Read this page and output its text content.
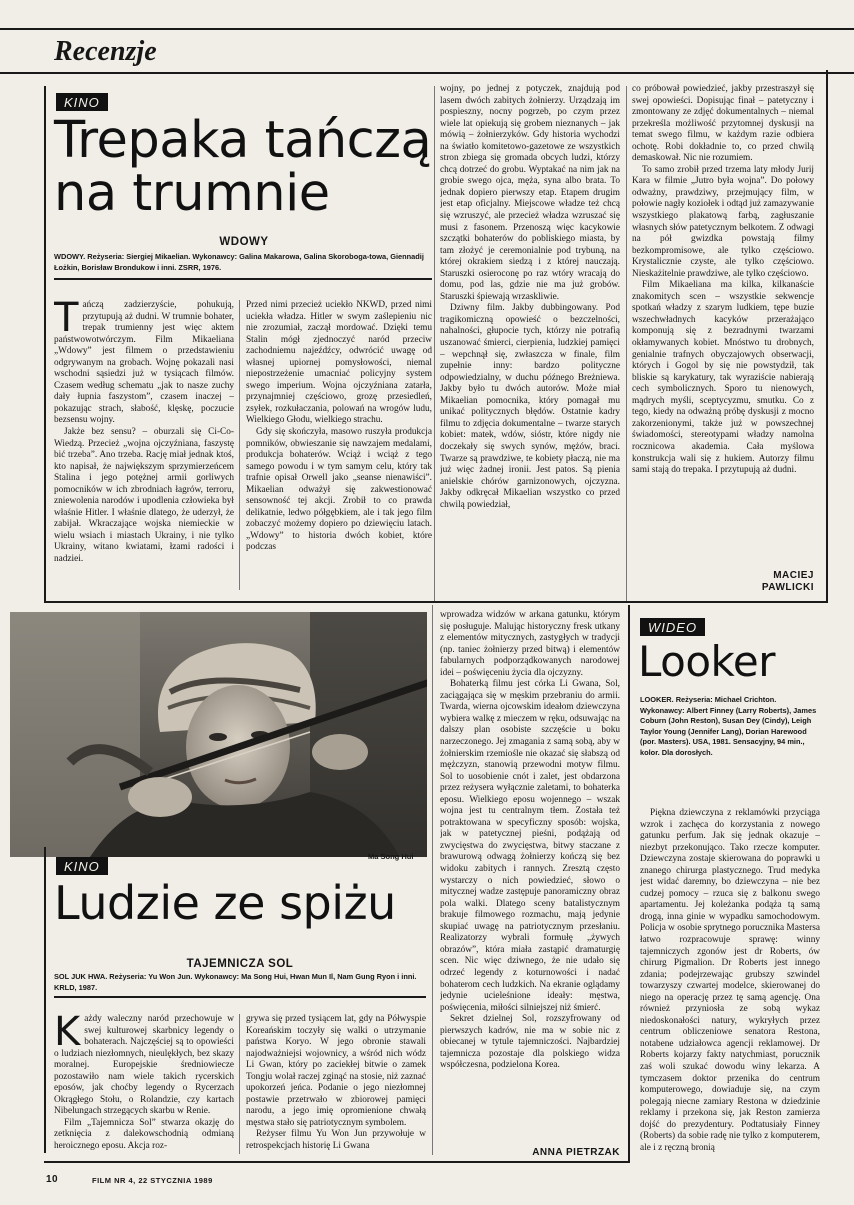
Recenzje
KINO
Trepaka tańczą
na trumnie
WDOWY
WDOWY. Reżyseria: Siergiej Mikaelian. Wykonawcy: Galina Makarowa, Galina Skoroboga-towa, Giennadij Łożkin, Borisław Brondukow i inni. ZSRR, 1976.

Tańczą zadzierzyście, pohukują, przytupują aż dudni. W trumnie bohater, trepak trumienny jest więc aktem państwowotwórczym. Film Mikaeliana „Wdowy” jest filmem o przedstawieniu odgrywanym na grobach. Wojnę pokazali nasi wschodni sąsiedzi już w tysiącach filmów. Czasem według schematu „jak to nasze zuchy dały łupnia faszystom”, czasem inaczej – pokazując strach, słabość, klęskę, poczucie bezsensu wojny.

Jakże bez sensu? – oburzali się Ci-Co-Wiedzą. Przecież „wojna ojczyźniana, faszystę bić trzeba”. Ano trzeba. Rację miał jednak ktoś, kto napisał, że największym sprzymierzeńcem Stalina i jego potężnej armii gorliwych pomocników w ich zbrodniach łagrów, terroru, zniewolenia narodów i upodlenia człowieka był właśnie Hitler. I właśnie dlatego, że uderzył, że zabijał. Wkraczające wojska niemieckie w wielu wsiach i miastach Ukrainy, i nie tylko Ukrainy, witano kwiatami, łzami radości i nadziei.

Przed nimi przecież uciekło NKWD, przed nimi uciekła władza. Hitler w swym zaślepieniu nic nie zrozumiał, zaczął mordować. Dzięki temu Stalin mógł zjednoczyć naród przeciw zachodniemu najeźdźcy, odwrócić uwagę od własnej upiornej pomysłowości, niemal niepostrzeżenie umacniać policyjny system swego imperium. Wojna ojczyźniana zatarła, przynajmniej częściowo, grozę przesiedleń, zsyłek, rozkułaczania, polowań na wrogów ludu, Wielkiego Głodu, wielkiego strachu.

Gdy się skończyła, masowo ruszyła produkcja pomników, obwieszanie się nawzajem medalami, produkcja bohaterów. Wciąż i wciąż z tego samego powodu i w tym samym celu, który tak trafnie opisał Orwell jako „seanse nienawiści”. Mikaelian odważył się zakwestionować sensowność tej akcji. Zrobił to co prawda delikatnie, ledwo półgębkiem, ale i tak jego film zobaczyć możemy dopiero po dziewięciu latach. „Wdowy” to historia dwóch kobiet, które podczas

wojny, po jednej z potyczek, znajdują pod lasem dwóch zabitych żołnierzy. Urządzają im pospieszny, nocny pogrzeb, po czym przez wiele lat opiekują się grobem nieznanych – jak mówią – żołnierzyków. Gdy historia wychodzi na światło komitetowo-gazetowe ze wszystkich stron zbiega się gromada obcych ludzi, którzy chcą dotrzeć do grobu. Wyptakać na nim jak na grobie swego ojca, męża, syna albo brata. To jednak dopiero pierwszy etap. Etapem drugim jest etap oficjalny. Miejscowe władze też chcą się wzruszyć, ale przecież władza wzruszać się musi z fasonem. Przenoszą więc kacykowie szczątki bohaterów do pobliskiego miasta, by tam złożyć je ceremonialnie pod trybuną, na której okrakiem siedzą i z której nauczają. Staruszki osieroconę po raz wtóry wracają do domu, pod las, gdzie nie ma już grobów. Staruszki śpiewają wrzaskliwie.

Dziwny film. Jakby dubbingowany. Pod tragikomiczną opowieść o bezczelności, nahalności, głupocie tych, którzy nie potrafią uszanować śmierci, cierpienia, ludzkiej pamięci – wepchnął się, zwłaszcza w finale, film zupełnie inny: bardzo polityczne odpowiedzialny, w duchu późnego Breżniewa. Jakby było tu dwóch autorów. Może miał Mikaelian pomocnika, który pomagał mu unikać politycznych błędów. Ostatnie kadry filmu to zdjęcia dokumentalne – twarze starych kobiet: matek, wdów, sióstr, które nigdy nie doczekały się swych synów, mężów, braci. Twarze są prawdziwe, te kobiety płaczą, nie ma już więc żadnej ironii. Jest patos. Są pienia anielskie chórów garnizonowych, ojczyzna. Jakby odkręcał Mikaelian wszystko co przed chwilą powiedział,

co próbował powiedzieć, jakby przestraszył się swej opowieści. Dopisując finał – patetyczny i zmontowany ze zdjęć dokumentalnych – niemal przekreśla możliwość przytomnej dyskusji na temat swego filmu, w każdym razie odbiera ochotę. Robi dokładnie to, co przed chwilą demaskował. Nic nie rozumiem.

To samo zrobił przed trzema laty młody Jurij Kara w filmie „Jutro była wojna”. Do połowy odważny, prawdziwy, przejmujący film, w połowie nagły koziołek i odtąd już zamazywanie wszystkiego plakatową farbą, zagłuszanie własnych słów patetycznym belkotem. Z odwagi na pół gwizdka powstają filmy bezkompromisowe, ale tylko częściowo. Krystalicznie czyste, ale tylko częściowo. Nieskażitelnie prawdziwe, ale tylko częściowo.

Film Mikaeliana ma kilka, kilkanaście znakomitych scen – wszystkie sekwencje spotkań władzy z szarym ludkiem, tępe buzie wszechwładnych kacyków przerażająco komponują się z bezradnymi twarzami okłamywanych kobiet. Mnóstwo tu drobnych, genialnie trafnych obyczajowych obserwacji, których i Gogol by się nie powstydził, tak bliskie są karykatury, tak wyraziście nabierają cech symbolicznych. Sporo tu nienowych, mądrych myśli, sceptycyzmu, smutku. Co z tego, kiedy na odważną próbę dyskusji z mocno zakorzenionymi, także już w powszechnej świadomości, stereotypami władzy namolna rocznicowa akademia. Cała myślowa konstrukcja wali się z hukiem. Autorzy filmu sami stają do trepaka. I przytupują aż dudni.

MACIEJ
PAWLICKI
Ma Song Hui
KINO
Ludzie ze spiżu
TAJEMNICZA SOL
SOL JUK HWA. Reżyseria: Yu Won Jun. Wykonawcy: Ma Song Hui, Hwan Mun Il, Nam Gung Ryon i inni. KRLD, 1987.

Każdy waleczny naród przechowuje w swej kulturowej skarbnicy legendy o bohaterach. Najczęściej są to opowieści o ludziach niezłomnych, nieulękłych, bez skazy moralnej. Europejskie średniowiecze pozostawiło nam wiele takich rycerskich eposów, jak choćby legendy o Rycerzach Okrągłego Stołu, o Rolandzie, czy kartach Nibelungach strzegących skarbu w Renie.

Film „Tajemnicza Sol” stwarza okazję do zetknięcia z dalekowschodnią odmianą heroicznego eposu. Akcja roz-

grywa się przed tysiącem lat, gdy na Półwyspie Koreańskim toczyły się walki o utrzymanie państwa Koryo. W jego obronie stawali najodważniejsi wojownicy, a wśród nich wódz Li Gwan, który po zaciekłej bitwie o zamek Tongju wolał raczej zginąć na stosie, niż zaznać upokorzeń jeńca. Podanie o jego niezłomnej postawie przetrwało w zbiorowej pamięci narodu, a jego imię opromienione chwałą męstwa stało się patriotycznym symbolem.

Reżyser filmu Yu Won Jun przywołuje w retrospekcjach historię Li Gwana

wprowadza widzów w arkana gatunku, którym się posługuje. Malując historyczny fresk utkany z elementów mitycznych, zastygłych w tradycji (np. taniec żołnierzy przed bitwą) i elementów fabularnych podporządkowanych narodowej idei – poświęceniu życia dla ojczyzny.

Bohaterką filmu jest córka Li Gwana, Sol, zaciągająca się w męskim przebraniu do armii. Twarda, wierna ojcowskim ideałom dziewczyna wybiera walkę z mieczem w ręku, odsuwając na dalszy plan osobiste szczęście u boku narzeczonego. Jej zmagania z samą sobą, aby w żołnierskim rzemiośle nie okazać się słabszą od mężczyzn, stanowią przewodni motyw filmu. Sol to uosobienie cnót i zalet, jest obdarzona przez reżysera wyłącznie zaletami, to bohaterka eposu. Wielkiego eposu wojennego – wszak wojna jest tu centralnym tłem. Została też potraktowana w specyficzny sposób: wojska, jak w patetycznej pieśni, podążają od zwycięstwa do zwycięstwa, bitwy staczane z brawurową odwagą żołnierzy kończą się bez widoku zabitych i rannych. Zresztą często wystarczy o nich powiedzieć, słowo o mitycznej wadze zastępuje panoramiczny obraz pola walki. Dlatego sceny batalistycznym brakuje filmowego rozmachu, mają jedynie skupiać uwagę na patriotycznym przesłaniu. Realizatorzy wybrali formułę „żywych obrazów”, która miała zastąpić dramaturgię scen. Nic więc dziwnego, że nie udało się odrzeć legendy z koturnowości i nadać bohaterom cech ludzkich. Na ekranie oglądamy jedynie ucieleśnione ideały: męstwa, poświęcenia, miłości silniejszej niż śmierć.

Sekret dzielnej Sol, rozszyfrowany od pierwszych kadrów, nie ma w sobie nic z obiecanej w tytule tajemniczości. Najbardziej tajemnicza pozostaje dla polskiego widza współczesna, podzielona Korea.

ANNA PIETRZAK
WIDEO
Looker
LOOKER. Reżyseria: Michael Crichton. Wykonawcy: Albert Finney (Larry Roberts), James Coburn (John Reston), Susan Dey (Cindy), Leigh Taylor Young (Jennifer Lang), Dorian Harewood (por. Masters). USA, 1981. Sensacyjny, 94 min., kolor. Dla dorosłych.

Piękna dziewczyna z reklamówki przyciąga wzrok i zachęca do korzystania z nowego gatunku perfum. Jak się jednak okazuje – niezbyt przekonująco. Tako rzecze komputer. Dziewczyna zostaje skierowana do poprawki u znanego chirurga plastycznego. Trud medyka jest widać daremny, bo dziewczyna – nie bez cudzej pomocy – rzuca się z balkonu swego apartamentu. Jej koleżanka podąża tą samą drogą, inna ginie w wypadku samochodowym. Policja w osobie sprytnego porucznika Mastersa łatwo rozpracowuje sprawę: winny tajemniczych zgonów jest dr Roberts, ów chirurg Pigmalion. Dr Roberts jest innego zdania; podejrzewając grubszy szwindel towarzyszy czwartej modelce, skierowanej do niego na operację przez tę samą agencję. Ona również przyniosła ze sobą wykaz niedoskonałości natury, wykryłych przez centrum obliczeniowe senatora Restona, notabene udziałowca agencji reklamowej. Dr Roberts kojarzy fakty natychmiast, porucznik zaś woli szukać dowodu winy lekarza. A tymczasem doktor przenika do centrum komputerowego, dowiaduje się, na czym polegają niecne zamiary Restona w dziedzinie reklamy i przekona się, jak Reston zamierza dojść do prezydentury. Podtatusiały Finney (Roberts) da sobie radę nie tylko z komputerem, ale i z ręczną bronią

10	FILM NR 4, 22 STYCZNIA 1989
